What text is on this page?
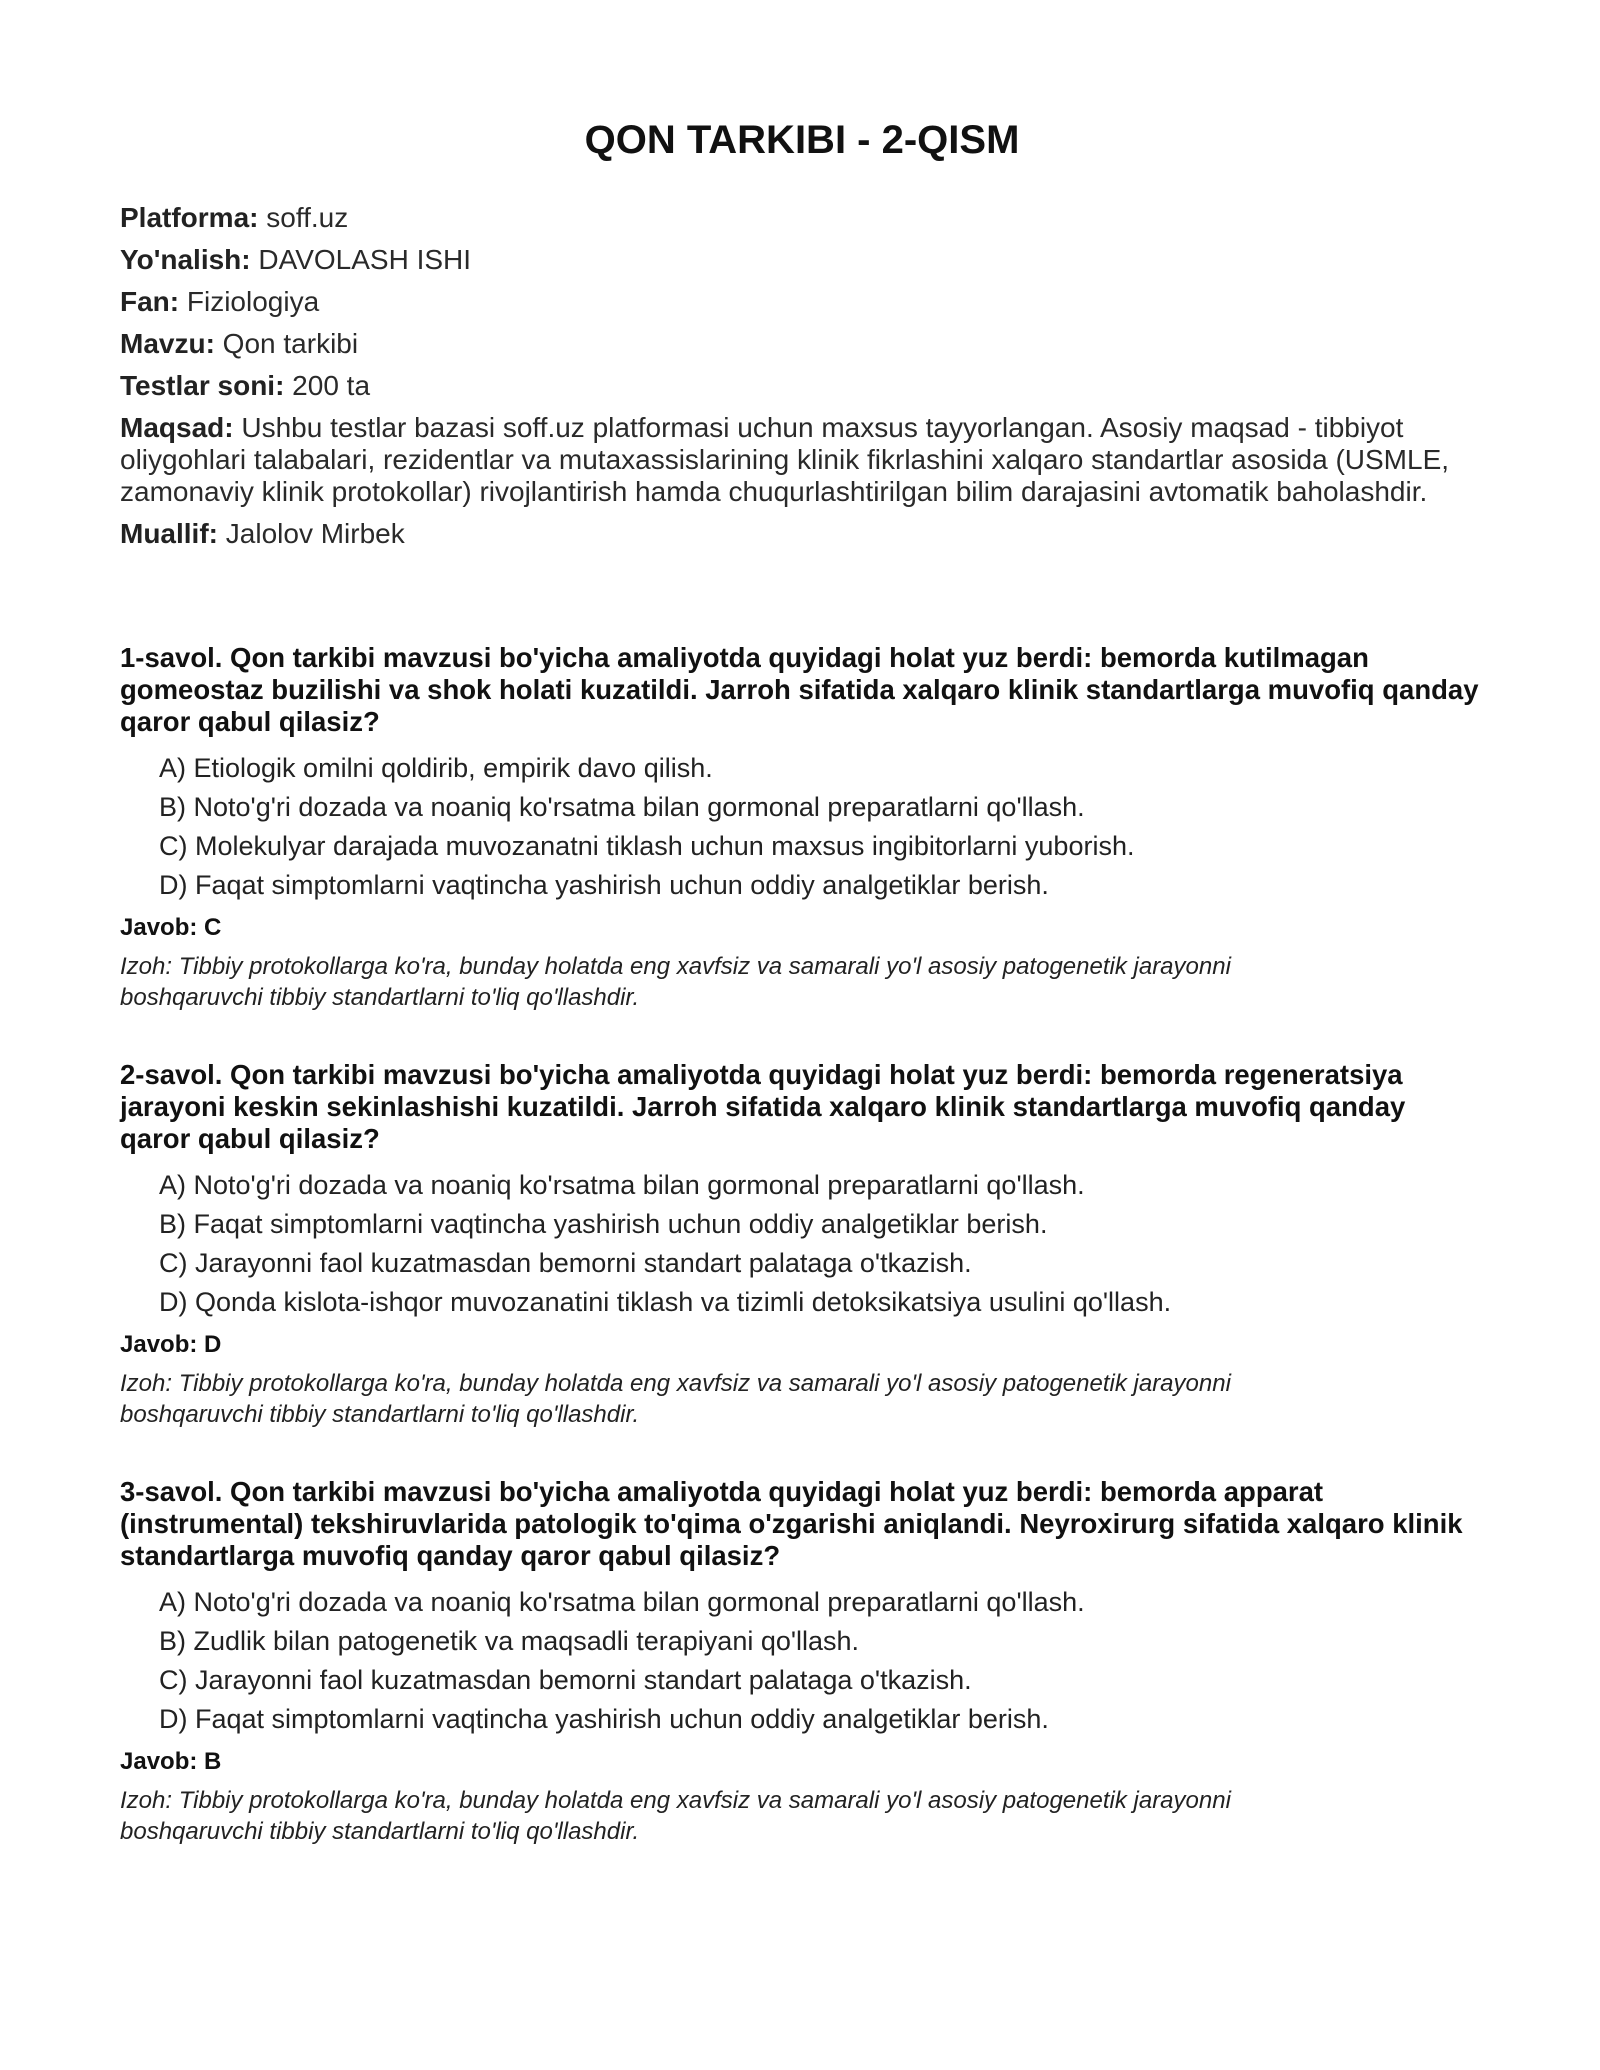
QON TARKIBI - 2-QISM

Platforma: soff.uz

Yo'nalish: DAVOLASH ISHI

Fan: Fiziologiya

Mavzu: Qon tarkibi

Testlar soni: 200 ta

Maqsad: Ushbu testlar bazasi soff.uz platformasi uchun maxsus tayyorlangan. Asosiy maqsad - tibbiyot oliygohlari talabalari, rezidentlar va mutaxassislarining klinik fikrlashini xalqaro standartlar asosida (USMLE, zamonaviy klinik protokollar) rivojlantirish hamda chuqurlashtirilgan bilim darajasini avtomatik baholashdir.

Muallif: Jalolov Mirbek

1-savol. Qon tarkibi mavzusi bo'yicha amaliyotda quyidagi holat yuz berdi: bemorda kutilmagan gomeostaz buzilishi va shok holati kuzatildi. Jarroh sifatida xalqaro klinik standartlarga muvofiq qanday qaror qabul qilasiz?

A) Etiologik omilni qoldirib, empirik davo qilish.
B) Noto'g'ri dozada va noaniq ko'rsatma bilan gormonal preparatlarni qo'llash.
C) Molekulyar darajada muvozanatni tiklash uchun maxsus ingibitorlarni yuborish.
D) Faqat simptomlarni vaqtincha yashirish uchun oddiy analgetiklar berish.

Javob: C

Izoh: Tibbiy protokollarga ko'ra, bunday holatda eng xavfsiz va samarali yo'l asosiy patogenetik jarayonni boshqaruvchi tibbiy standartlarni to'liq qo'llashdir.

2-savol. Qon tarkibi mavzusi bo'yicha amaliyotda quyidagi holat yuz berdi: bemorda regeneratsiya jarayoni keskin sekinlashishi kuzatildi. Jarroh sifatida xalqaro klinik standartlarga muvofiq qanday qaror qabul qilasiz?

A) Noto'g'ri dozada va noaniq ko'rsatma bilan gormonal preparatlarni qo'llash.
B) Faqat simptomlarni vaqtincha yashirish uchun oddiy analgetiklar berish.
C) Jarayonni faol kuzatmasdan bemorni standart palataga o'tkazish.
D) Qonda kislota-ishqor muvozanatini tiklash va tizimli detoksikatsiya usulini qo'llash.

Javob: D

Izoh: Tibbiy protokollarga ko'ra, bunday holatda eng xavfsiz va samarali yo'l asosiy patogenetik jarayonni boshqaruvchi tibbiy standartlarni to'liq qo'llashdir.

3-savol. Qon tarkibi mavzusi bo'yicha amaliyotda quyidagi holat yuz berdi: bemorda apparat (instrumental) tekshiruvlarida patologik to'qima o'zgarishi aniqlandi. Neyroxirurg sifatida xalqaro klinik standartlarga muvofiq qanday qaror qabul qilasiz?

A) Noto'g'ri dozada va noaniq ko'rsatma bilan gormonal preparatlarni qo'llash.
B) Zudlik bilan patogenetik va maqsadli terapiyani qo'llash.
C) Jarayonni faol kuzatmasdan bemorni standart palataga o'tkazish.
D) Faqat simptomlarni vaqtincha yashirish uchun oddiy analgetiklar berish.

Javob: B

Izoh: Tibbiy protokollarga ko'ra, bunday holatda eng xavfsiz va samarali yo'l asosiy patogenetik jarayonni boshqaruvchi tibbiy standartlarni to'liq qo'llashdir.
